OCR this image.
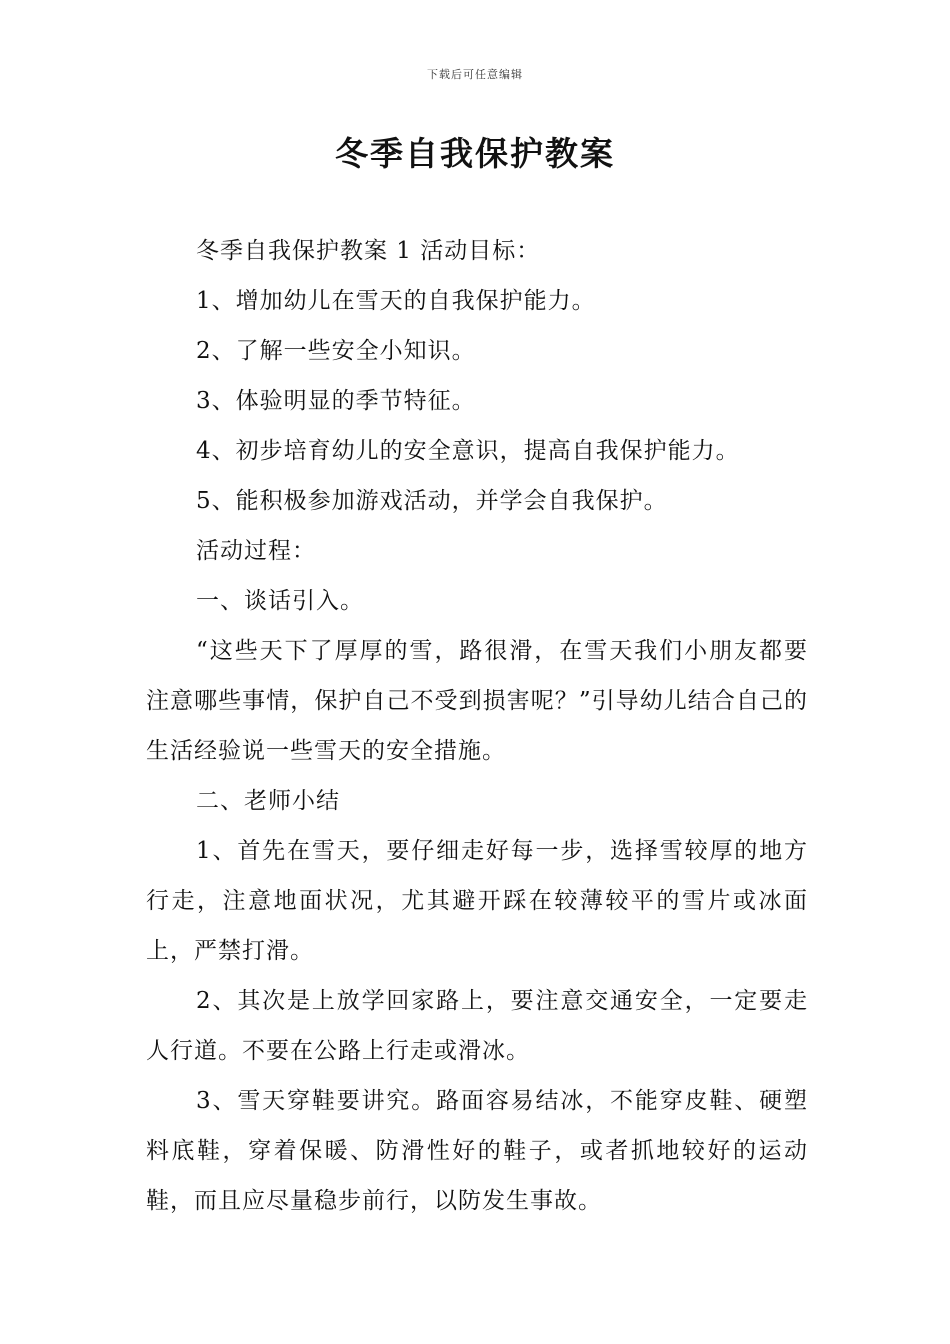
下载后可任意编辑
冬季自我保护教案

冬季自我保护教案 1 活动目标：

1、增加幼儿在雪天的自我保护能力。

2、了解一些安全小知识。

3、体验明显的季节特征。

4、初步培育幼儿的安全意识，提高自我保护能力。

5、能积极参加游戏活动，并学会自我保护。

活动过程：

一、谈话引入。

“这些天下了厚厚的雪，路很滑，在雪天我们小朋友都要注意哪些事情，保护自己不受到损害呢？”引导幼儿结合自己的生活经验说一些雪天的安全措施。

二、老师小结

1、首先在雪天，要仔细走好每一步，选择雪较厚的地方行走，注意地面状况，尤其避开踩在较薄较平的雪片或冰面上，严禁打滑。

2、其次是上放学回家路上，要注意交通安全，一定要走人行道。不要在公路上行走或滑冰。

3、雪天穿鞋要讲究。路面容易结冰，不能穿皮鞋、硬塑料底鞋，穿着保暖、防滑性好的鞋子，或者抓地较好的运动鞋，而且应尽量稳步前行，以防发生事故。
